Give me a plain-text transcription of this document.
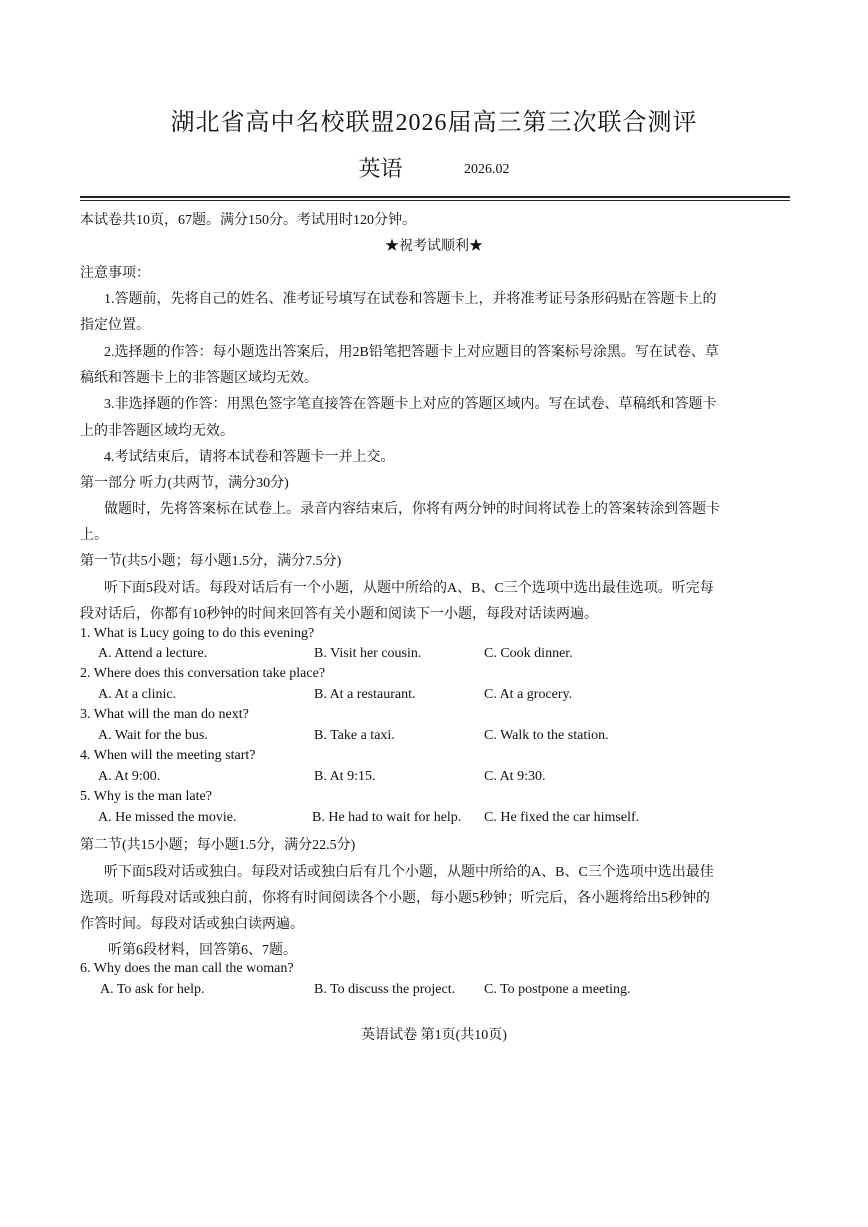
湖北省高中名校联盟2026届高三第三次联合测评
英语	2026.02
本试卷共10页，67题。满分150分。考试用时120分钟。
★祝考试顺利★
注意事项：
1.答题前，先将自己的姓名、准考证号填写在试卷和答题卡上，并将准考证号条形码贴在答题卡上的
指定位置。
2.选择题的作答：每小题选出答案后，用2B铅笔把答题卡上对应题目的答案标号涂黑。写在试卷、草
稿纸和答题卡上的非答题区域均无效。
3.非选择题的作答：用黑色签字笔直接答在答题卡上对应的答题区域内。写在试卷、草稿纸和答题卡
上的非答题区域均无效。
4.考试结束后，请将本试卷和答题卡一并上交。
第一部分 听力(共两节，满分30分)
做题时，先将答案标在试卷上。录音内容结束后，你将有两分钟的时间将试卷上的答案转涂到答题卡
上。
第一节(共5小题；每小题1.5分，满分7.5分)
听下面5段对话。每段对话后有一个小题，从题中所给的A、B、C三个选项中选出最佳选项。听完每
段对话后，你都有10秒钟的时间来回答有关小题和阅读下一小题，每段对话读两遍。
1. What is Lucy going to do this evening?
A. Attend a lecture.	B. Visit her cousin.	C. Cook dinner.
2. Where does this conversation take place?
A. At a clinic.	B. At a restaurant.	C. At a grocery.
3. What will the man do next?
A. Wait for the bus.	B. Take a taxi.	C. Walk to the station.
4. When will the meeting start?
A. At 9:00.	B. At 9:15.	C. At 9:30.
5. Why is the man late?
A. He missed the movie.	B. He had to wait for help. C. He fixed the car himself.
第二节(共15小题；每小题1.5分，满分22.5分)
听下面5段对话或独白。每段对话或独白后有几个小题，从题中所给的A、B、C三个选项中选出最佳
选项。听每段对话或独白前，你将有时间阅读各个小题，每小题5秒钟；听完后，各小题将给出5秒钟的
作答时间。每段对话或独白读两遍。
听第6段材料，回答第6、7题。
6. Why does the man call the woman?
A. To ask for help.	B. To discuss the project. C. To postpone a meeting.
英语试卷 第1页(共10页)
